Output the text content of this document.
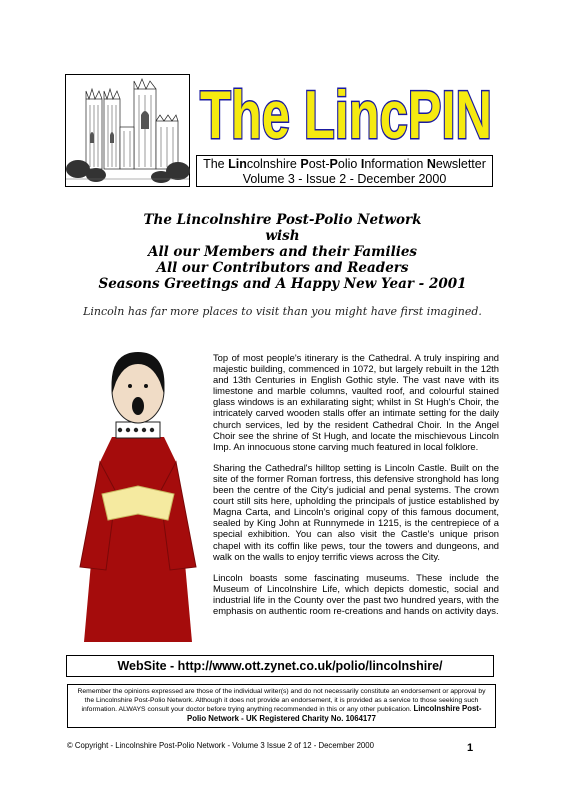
The LincPIN
The Lincolnshire Post-Polio Information Newsletter
Volume 3 - Issue 2 - December 2000
The Lincolnshire Post-Polio Network
wish
All our Members and their Families
All our Contributors and Readers
Seasons Greetings and A Happy New Year - 2001
Lincoln has far more places to visit than you might have first imagined.

Top of most people's itinerary is the Cathedral. A truly inspiring and majestic building, commenced in 1072, but largely rebuilt in the 12th and 13th Centuries in English Gothic style. The vast nave with its limestone and marble columns, vaulted roof, and colourful stained glass windows is an exhilarating sight; whilst in St Hugh's Choir, the intricately carved wooden stalls offer an intimate setting for the daily church services, led by the resident Cathedral Choir. In the Angel Choir see the shrine of St Hugh, and locate the mischievous Lincoln Imp. An innocuous stone carving much featured in local folklore.

Sharing the Cathedral's hilltop setting is Lincoln Castle. Built on the site of the former Roman fortress, this defensive stronghold has long been the centre of the City's judicial and penal systems. The crown court still sits here, upholding the principals of justice established by Magna Carta, and Lincoln's original copy of this famous document, sealed by King John at Runnymede in 1215, is the centrepiece of a special exhibition. You can also visit the Castle's unique prison chapel with its coffin like pews, tour the towers and dungeons, and walk on the walls to enjoy terrific views across the City.

Lincoln boasts some fascinating museums. These include the Museum of Lincolnshire Life, which depicts domestic, social and industrial life in the County over the past two hundred years, with the emphasis on authentic room re-creations and hands on activity days.

WebSite - http://www.ott.zynet.co.uk/polio/lincolnshire/
Remember the opinions expressed are those of the individual writer(s) and do not necessarily constitute an endorsement or approval by the Lincolnshire Post-Polio Network. Although it does not provide an endorsement, it is provided as a service to those seeking such information. ALWAYS consult your doctor before trying anything recommended in this or any other publication. Lincolnshire Post-Polio Network - UK Registered Charity No. 1064177
© Copyright - Lincolnshire Post-Polio Network - Volume 3 Issue 2 of 12 - December 2000	1
